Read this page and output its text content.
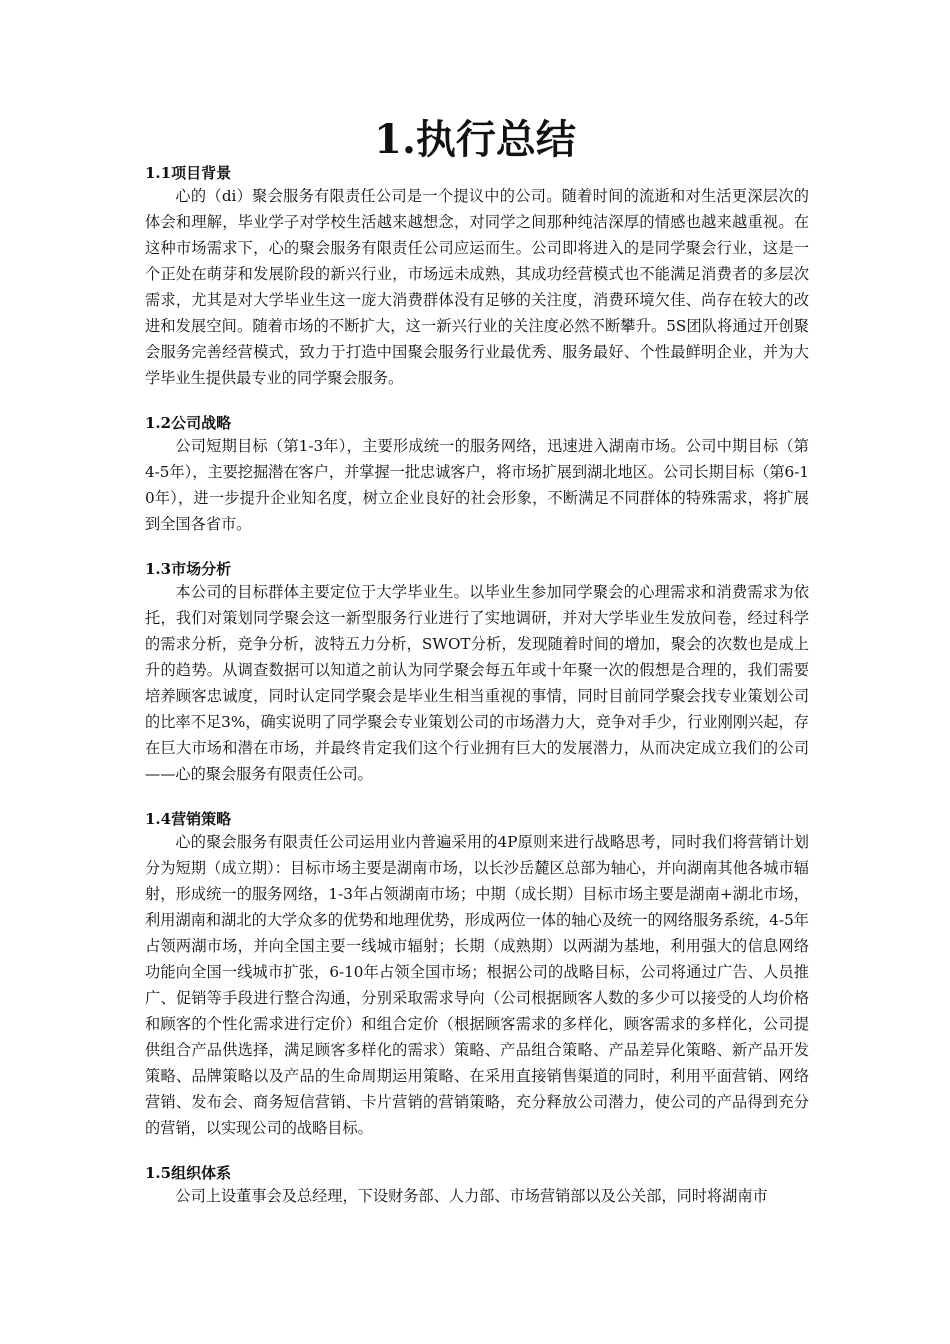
1.执行总结
1.1项目背景

心的（di）聚会服务有限责任公司是一个提议中的公司。随着时间的流逝和对生活更深层次的体会和理解，毕业学子对学校生活越来越想念，对同学之间那种纯洁深厚的情感也越来越重视。在这种市场需求下，心的聚会服务有限责任公司应运而生。公司即将进入的是同学聚会行业，这是一个正处在萌芽和发展阶段的新兴行业，市场远未成熟，其成功经营模式也不能满足消费者的多层次需求，尤其是对大学毕业生这一庞大消费群体没有足够的关注度，消费环境欠佳、尚存在较大的改进和发展空间。随着市场的不断扩大，这一新兴行业的关注度必然不断攀升。5S团队将通过开创聚会服务完善经营模式，致力于打造中国聚会服务行业最优秀、服务最好、个性最鲜明企业，并为大学毕业生提供最专业的同学聚会服务。

1.2公司战略

公司短期目标（第1-3年），主要形成统一的服务网络，迅速进入湖南市场。公司中期目标（第4-5年），主要挖掘潜在客户，并掌握一批忠诚客户，将市场扩展到湖北地区。公司长期目标（第6-10年），进一步提升企业知名度，树立企业良好的社会形象，不断满足不同群体的特殊需求，将扩展到全国各省市。

1.3市场分析

本公司的目标群体主要定位于大学毕业生。以毕业生参加同学聚会的心理需求和消费需求为依托，我们对策划同学聚会这一新型服务行业进行了实地调研，并对大学毕业生发放问卷，经过科学的需求分析，竞争分析，波特五力分析，SWOT分析，发现随着时间的增加，聚会的次数也是成上升的趋势。从调查数据可以知道之前认为同学聚会每五年或十年聚一次的假想是合理的，我们需要培养顾客忠诚度，同时认定同学聚会是毕业生相当重视的事情，同时目前同学聚会找专业策划公司的比率不足3%，确实说明了同学聚会专业策划公司的市场潜力大，竞争对手少，行业刚刚兴起，存在巨大市场和潜在市场，并最终肯定我们这个行业拥有巨大的发展潜力，从而决定成立我们的公司——心的聚会服务有限责任公司。

1.4营销策略

心的聚会服务有限责任公司运用业内普遍采用的4P原则来进行战略思考，同时我们将营销计划分为短期（成立期）：目标市场主要是湖南市场，以长沙岳麓区总部为轴心，并向湖南其他各城市辐射，形成统一的服务网络，1-3年占领湖南市场；中期（成长期）目标市场主要是湖南+湖北市场，利用湖南和湖北的大学众多的优势和地理优势，形成两位一体的轴心及统一的网络服务系统，4-5年占领两湖市场，并向全国主要一线城市辐射；长期（成熟期）以两湖为基地，利用强大的信息网络功能向全国一线城市扩张，6-10年占领全国市场；根据公司的战略目标，公司将通过广告、人员推广、促销等手段进行整合沟通，分别采取需求导向（公司根据顾客人数的多少可以接受的人均价格和顾客的个性化需求进行定价）和组合定价（根据顾客需求的多样化，顾客需求的多样化，公司提供组合产品供选择，满足顾客多样化的需求）策略、产品组合策略、产品差异化策略、新产品开发策略、品牌策略以及产品的生命周期运用策略、在采用直接销售渠道的同时，利用平面营销、网络营销、发布会、商务短信营销、卡片营销的营销策略，充分释放公司潜力，使公司的产品得到充分的营销，以实现公司的战略目标。

1.5组织体系

公司上设董事会及总经理，下设财务部、人力部、市场营销部以及公关部，同时将湖南市
